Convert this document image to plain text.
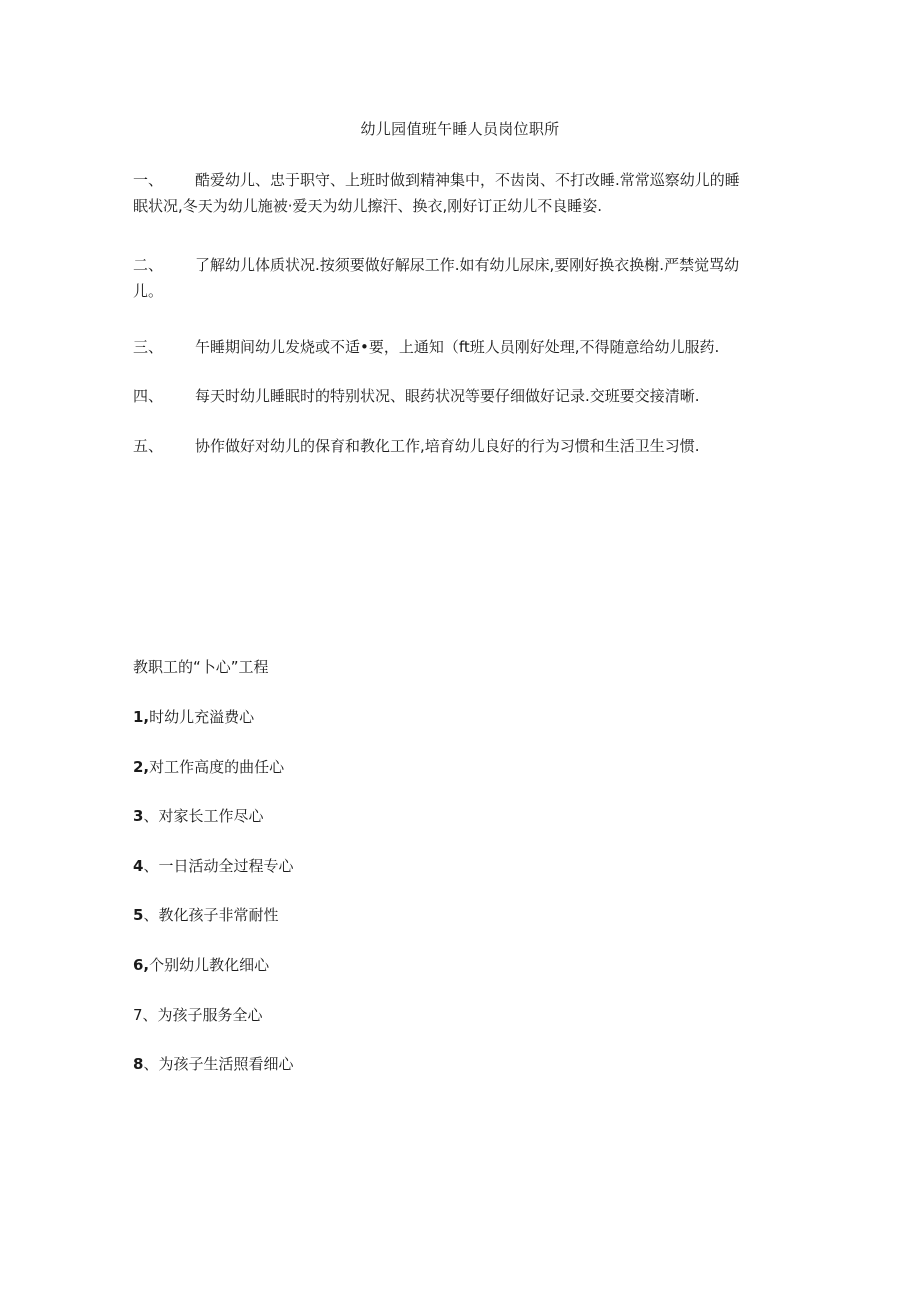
幼儿园值班午睡人员岗位职所
一、	酷爱幼儿、忠于职守、上班时做到精神集中，不齿岗、不打改睡.常常巡察幼儿的睡眠状况,冬天为幼儿施被·爱天为幼儿擦汗、换衣,刚好订正幼儿不良睡姿.
二、	了解幼儿体质状况.按须要做好解尿工作.如有幼儿尿床,要刚好换衣换榭.严禁觉骂幼儿。
三、	午睡期间幼儿发烧或不适•要，上通知（ft班人员刚好处理,不得随意给幼儿服药.
四、	每天时幼儿睡眠时的特别状况、眼药状况等要仔细做好记录.交班要交接清晰.
五、	协作做好对幼儿的保育和教化工作,培育幼儿良好的行为习惯和生活卫生习惯.
教职工的“卜心”工程
1,时幼儿充溢费心
2,对工作高度的曲任心
3、对家长工作尽心
4、一日活动全过程专心
5、教化孩子非常耐性
6,个别幼儿教化细心
7、为孩子服务全心
8、为孩子生活照看细心
